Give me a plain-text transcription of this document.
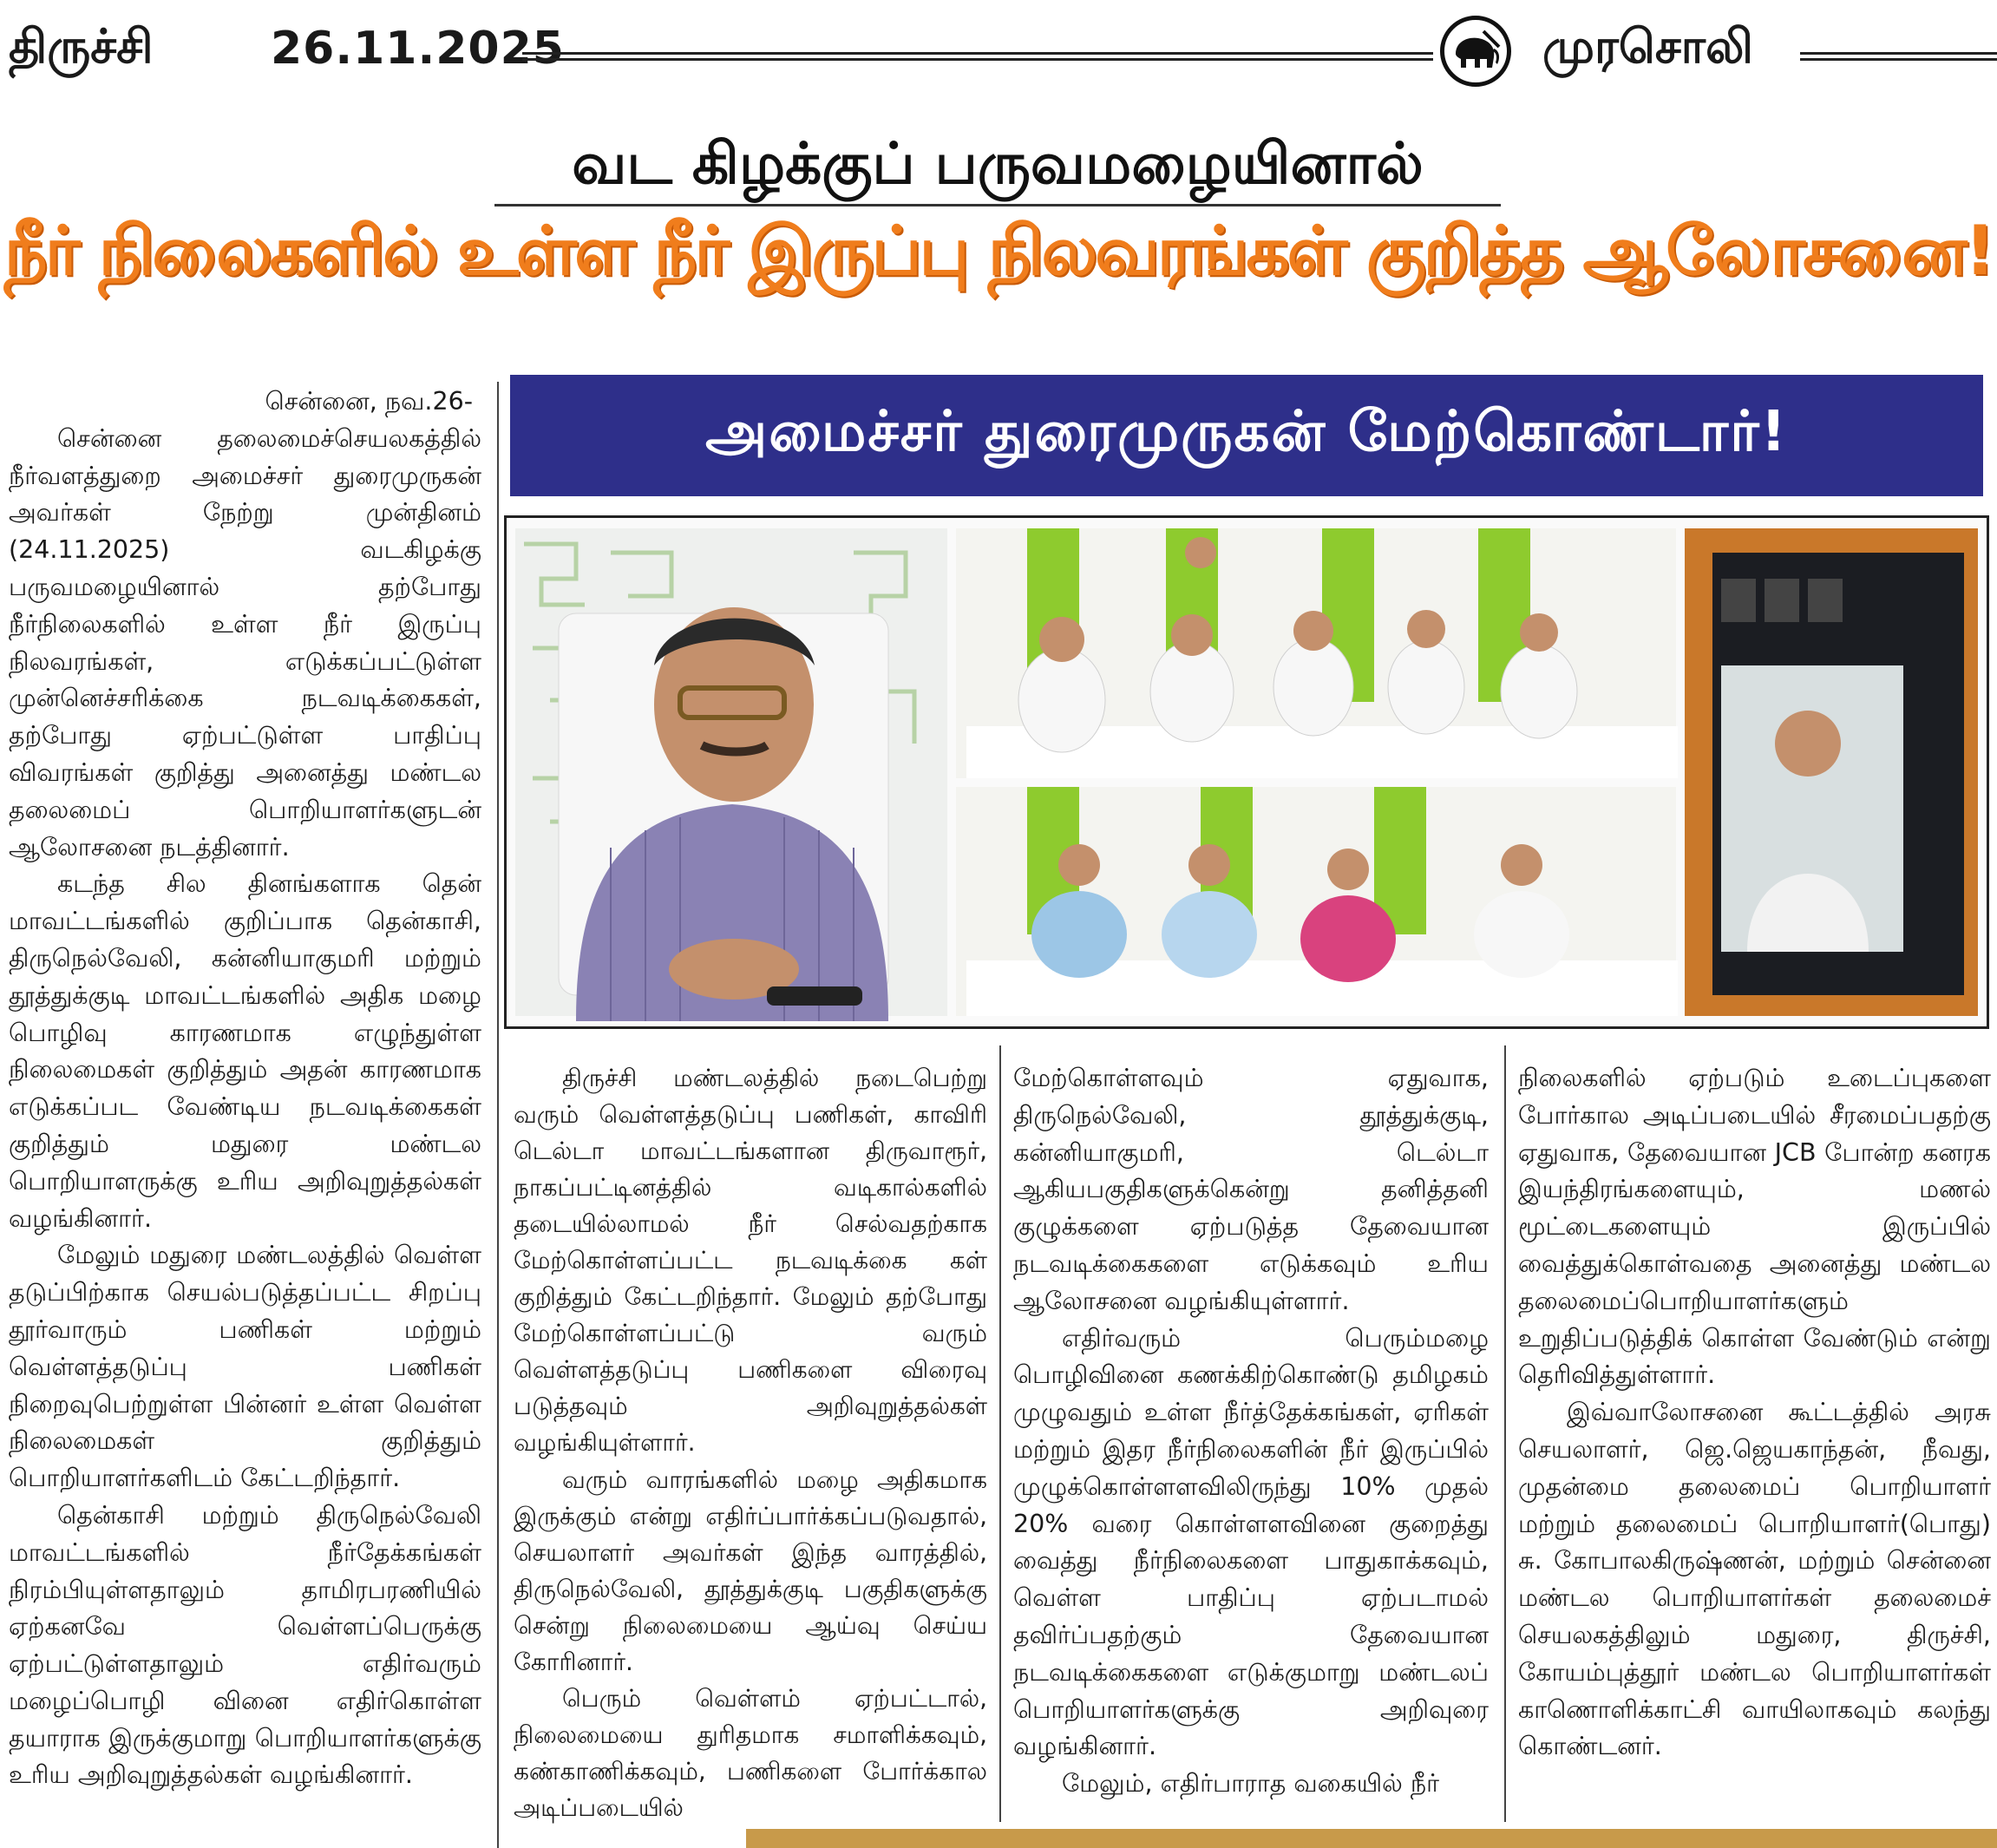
திருச்சி	26.11.2025	முரசொலி
வட கிழக்குப் பருவமழையினால்
நீர் நிலைகளில் உள்ள நீர் இருப்பு நிலவரங்கள் குறித்த ஆலோசனை!
அமைச்சர் துரைமுருகன் மேற்கொண்டார்!

சென்னை, நவ.26-

சென்னை தலைமைச்செயலகத்தில் நீர்வளத்துறை அமைச்சர் துரைமுருகன் அவர்கள் நேற்று முன்தினம் (24.11.2025) வடகிழக்கு பருவமழையினால் தற்போது நீர்நிலைகளில் உள்ள நீர் இருப்பு நிலவரங்கள், எடுக்கப்பட்டுள்ள முன்னெச்சரிக்கை நடவடிக்கைகள், தற்போது ஏற்பட்டுள்ள பாதிப்பு விவரங்கள் குறித்து அனைத்து மண்டல தலைமைப் பொறியாளர்களுடன் ஆலோசனை நடத்தினார்.

கடந்த சில தினங்களாக தென் மாவட்டங்களில் குறிப்பாக தென்காசி, திருநெல்வேலி, கன்னியாகுமரி மற்றும் தூத்துக்குடி மாவட்டங்களில் அதிக மழை பொழிவு காரணமாக எழுந்துள்ள நிலைமைகள் குறித்தும் அதன் காரணமாக எடுக்கப்பட வேண்டிய நடவடிக்கைகள் குறித்தும் மதுரை மண்டல பொறியாளருக்கு உரிய அறிவுறுத்தல்கள் வழங்கினார்.

மேலும் மதுரை மண்டலத்தில் வெள்ள தடுப்பிற்காக செயல்படுத்தப்பட்ட சிறப்பு தூர்வாரும் பணிகள் மற்றும் வெள்ளத்தடுப்பு பணிகள் நிறைவுபெற்றுள்ள பின்னர் உள்ள வெள்ள நிலைமைகள் குறித்தும் பொறியாளர்களிடம் கேட்டறிந்தார்.

தென்காசி மற்றும் திருநெல்வேலி மாவட்டங்களில் நீர்தேக்கங்கள் நிரம்பியுள்ளதாலும் தாமிரபரணியில் ஏற்கனவே வெள்ளப்பெருக்கு ஏற்பட்டுள்ளதாலும் எதிர்வரும் மழைப்பொழி வினை எதிர்கொள்ள தயாராக இருக்குமாறு பொறியாளர்களுக்கு உரிய அறிவுறுத்தல்கள் வழங்கினார்.

திருச்சி மண்டலத்தில் நடைபெற்று வரும் வெள்ளத்தடுப்பு பணிகள், காவிரி டெல்டா மாவட்டங்களான திருவாரூர், நாகப்பட்டினத்தில் வடிகால்களில் தடையில்லாமல் நீர் செல்வதற்காக மேற்கொள்ளப்பட்ட நடவடிக்கை கள் குறித்தும் கேட்டறிந்தார். மேலும் தற்போது மேற்கொள்ளப்பட்டு வரும் வெள்ளத்தடுப்பு பணிகளை விரைவு படுத்தவும் அறிவுறுத்தல்கள் வழங்கியுள்ளார்.

வரும் வாரங்களில் மழை அதிகமாக இருக்கும் என்று எதிர்ப்பார்க்கப்படுவதால், செயலாளர் அவர்கள் இந்த வாரத்தில், திருநெல்வேலி, தூத்துக்குடி பகுதிகளுக்கு சென்று நிலைமையை ஆய்வு செய்ய கோரினார்.

பெரும் வெள்ளம் ஏற்பட்டால், நிலைமையை துரிதமாக சமாளிக்கவும், கண்காணிக்கவும், பணிகளை போர்க்கால அடிப்படையில்

மேற்கொள்ளவும் ஏதுவாக, திருநெல்வேலி, தூத்துக்குடி, கன்னியாகுமரி, டெல்டா ஆகியபகுதிகளுக்கென்று தனித்தனி குழுக்களை ஏற்படுத்த தேவையான நடவடிக்கைகளை எடுக்கவும் உரிய ஆலோசனை வழங்கியுள்ளார்.

எதிர்வரும் பெரும்மழை பொழிவினை கணக்கிற்கொண்டு தமிழகம் முழுவதும் உள்ள நீர்த்தேக்கங்கள், ஏரிகள் மற்றும் இதர நீர்நிலைகளின் நீர் இருப்பில் முழுக்கொள்ளளவிலிருந்து 10% முதல் 20% வரை கொள்ளளவினை குறைத்து வைத்து நீர்நிலைகளை பாதுகாக்கவும், வெள்ள பாதிப்பு ஏற்படாமல் தவிர்ப்பதற்கும் தேவையான நடவடிக்கைகளை எடுக்குமாறு மண்டலப் பொறியாளர்களுக்கு அறிவுரை வழங்கினார்.

மேலும், எதிர்பாராத வகையில் நீர்

நிலைகளில் ஏற்படும் உடைப்புகளை போர்கால அடிப்படையில் சீரமைப்பதற்கு ஏதுவாக, தேவையான JCB போன்ற கனரக இயந்திரங்களையும், மணல் மூட்டைகளையும் இருப்பில் வைத்துக்கொள்வதை அனைத்து மண்டல தலைமைப்பொறியாளர்களும் உறுதிப்படுத்திக் கொள்ள வேண்டும் என்று தெரிவித்துள்ளார்.

இவ்வாலோசனை கூட்டத்தில் அரசு செயலாளர், ஜெ.ஜெயகாந்தன், நீவது, முதன்மை தலைமைப் பொறியாளர் மற்றும் தலைமைப் பொறியாளர்(பொது) சு. கோபாலகிருஷ்ணன், மற்றும் சென்னை மண்டல பொறியாளர்கள் தலைமைச் செயலகத்திலும் மதுரை, திருச்சி, கோயம்புத்தூர் மண்டல பொறியாளர்கள் காணொளிக்காட்சி வாயிலாகவும் கலந்து கொண்டனர்.
